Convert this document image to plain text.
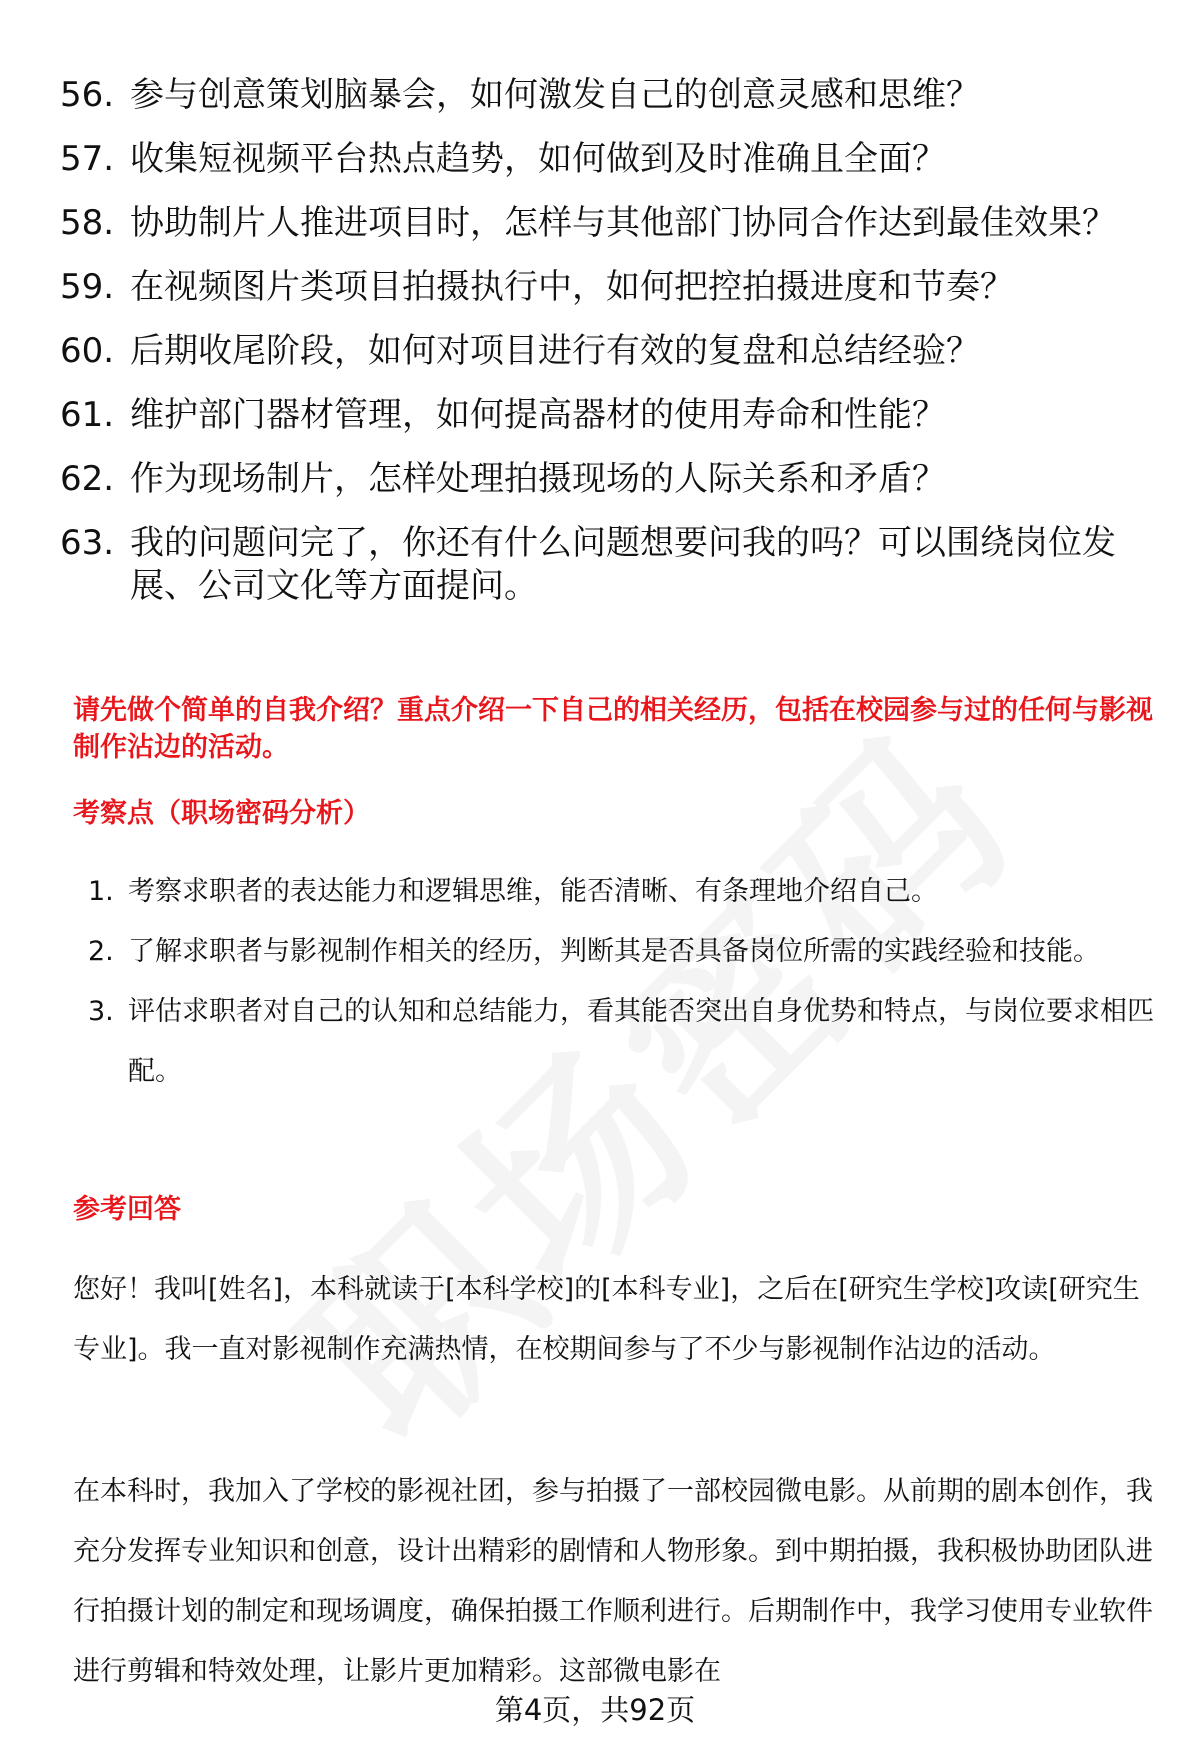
56. 参与创意策划脑暴会，如何激发自己的创意灵感和思维？
57. 收集短视频平台热点趋势，如何做到及时准确且全面？
58. 协助制片人推进项目时，怎样与其他部门协同合作达到最佳效果？
59. 在视频图片类项目拍摄执行中，如何把控拍摄进度和节奏？
60. 后期收尾阶段，如何对项目进行有效的复盘和总结经验？
61. 维护部门器材管理，如何提高器材的使用寿命和性能？
62. 作为现场制片，怎样处理拍摄现场的人际关系和矛盾？
63. 我的问题问完了，你还有什么问题想要问我的吗？可以围绕岗位发展、公司文化等方面提问。
请先做个简单的自我介绍？重点介绍一下自己的相关经历，包括在校园参与过的任何与影视制作沾边的活动。
考察点（职场密码分析）
1. 考察求职者的表达能力和逻辑思维，能否清晰、有条理地介绍自己。
2. 了解求职者与影视制作相关的经历，判断其是否具备岗位所需的实践经验和技能。
3. 评估求职者对自己的认知和总结能力，看其能否突出自身优势和特点，与岗位要求相匹配。
参考回答

您好！我叫[姓名]，本科就读于[本科学校]的[本科专业]，之后在[研究生学校]攻读[研究生专业]。我一直对影视制作充满热情，在校期间参与了不少与影视制作沾边的活动。

在本科时，我加入了学校的影视社团，参与拍摄了一部校园微电影。从前期的剧本创作，我充分发挥专业知识和创意，设计出精彩的剧情和人物形象。到中期拍摄，我积极协助团队进行拍摄计划的制定和现场调度，确保拍摄工作顺利进行。后期制作中，我学习使用专业软件进行剪辑和特效处理，让影片更加精彩。这部微电影在

第4页，共92页
